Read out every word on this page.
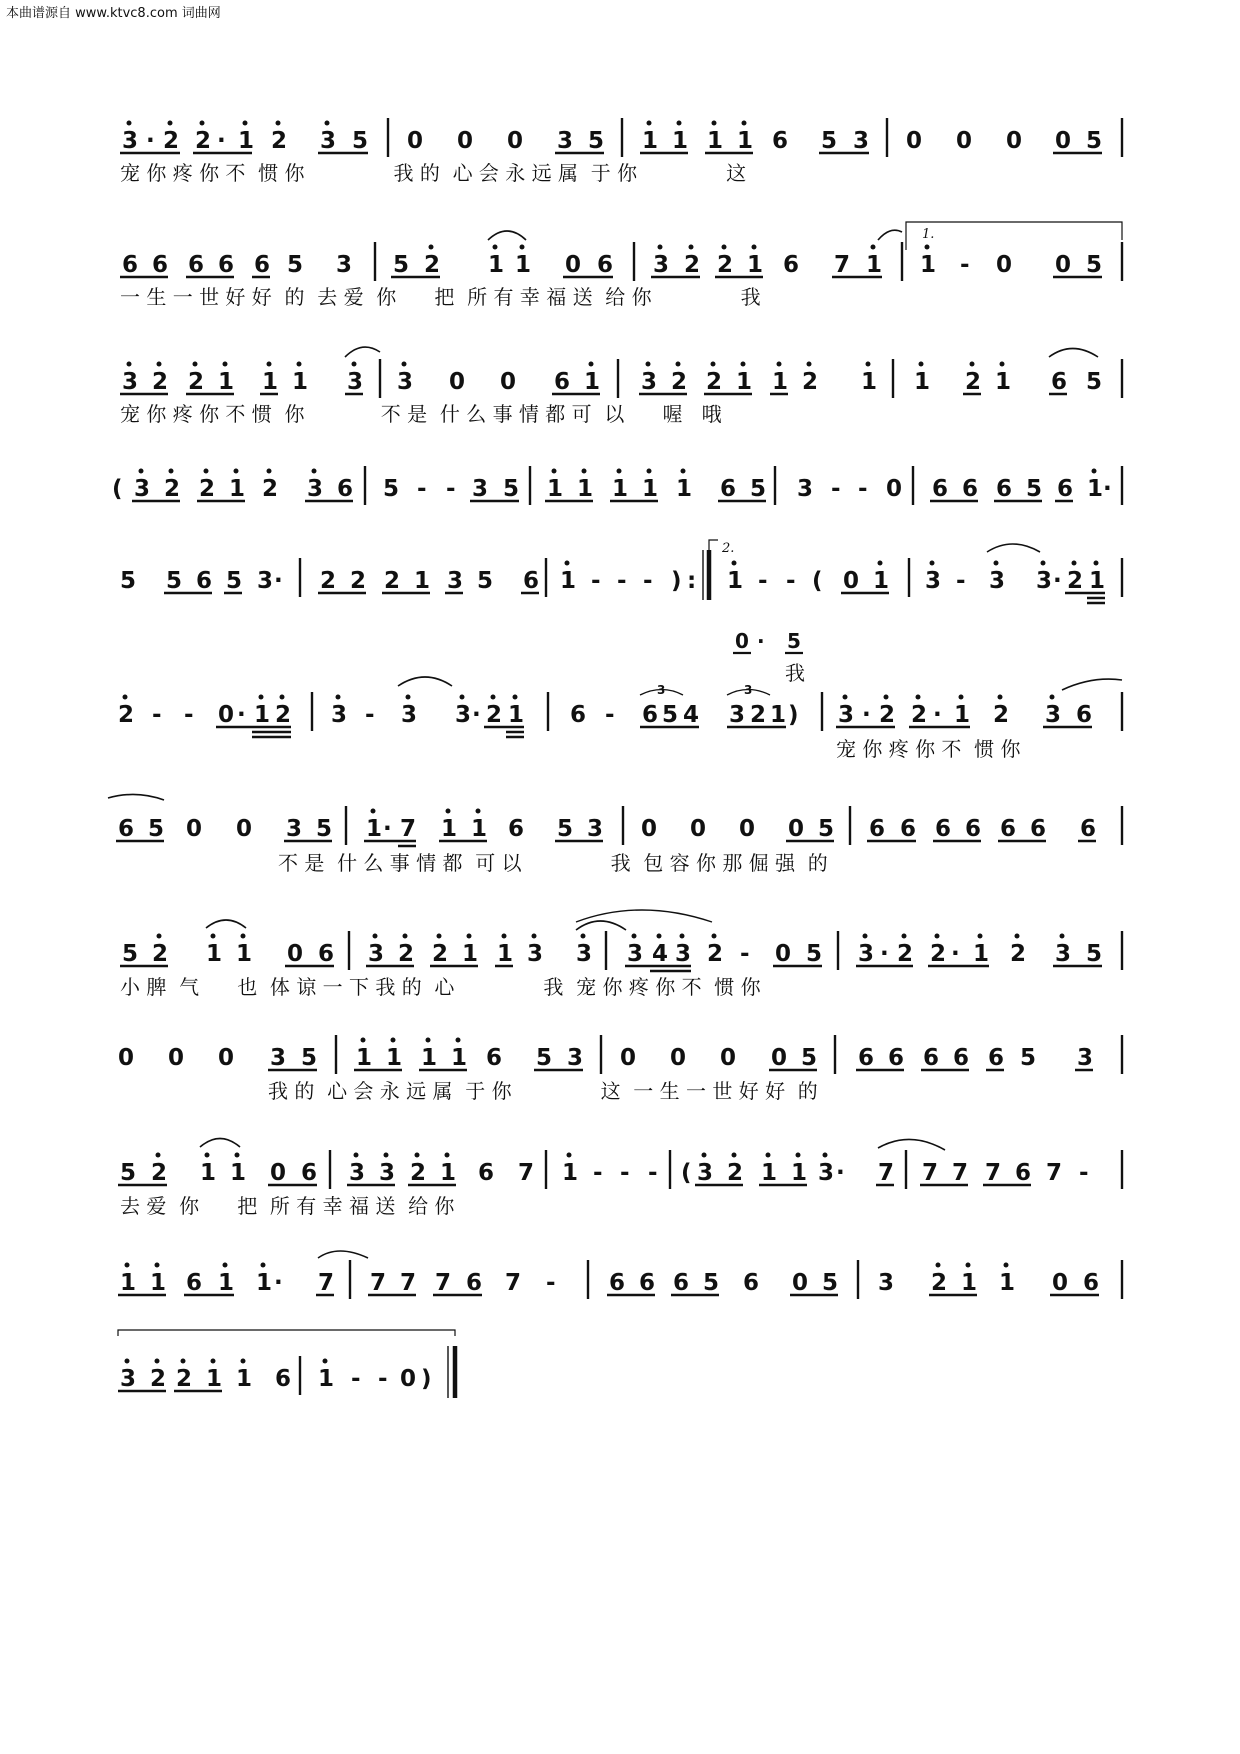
本曲谱源自 www.ktvc8.com 词曲网
3 · 2 2 · 1 2 3 5 0 0 0 3 5 1 1 1 1 6 5 3 0 0 0 0 5
宠 你 疼 你 不  惯 你              我 的  心 会 永 远 属  于 你              这
6 6 6 6 6 5 3 5 2 1 1 0 6 3 2 2 1 6 7 1 1 - 0 0 5
1.
一 生 一 世 好 好  的  去 爱  你      把  所 有 幸 福 送  给 你              我
3 2 2 1 1 1 3 3 0 0 6 1 3 2 2 1 1 2 1 1 2 1 6 5
宠 你 疼 你 不 惯  你            不 是  什 么 事 情 都 可  以      喔   哦
( 3 2 2 1 2 3 6 5 - - 3 5 1 1 1 1 1 6 5 3 - - 0 6 6 6 5 6 1 ·
5 5 6 5 3 · 2 2 2 1 3 5 6 1 - - - ) : 1 - - ( 0 1 3 - 3 3 · 2 1
2.
0 · 5
我
2 - - 0 · 1 2 3 - 3 3 · 2 1 6 - 6 5 4 3 2 1 ) 3 · 2 2 · 1 2 3 6
3	3
宠 你 疼 你 不  惯 你
6 5 0 0 3 5 1 · 7 1 1 6 5 3 0 0 0 0 5 6 6 6 6 6 6 6
不 是  什 么 事 情 都  可 以              我  包 容 你 那 倔 强  的
5 2 1 1 0 6 3 2 2 1 1 3 3 3 4 3 2 - 0 5 3 · 2 2 · 1 2 3 5
小 脾  气      也  体 谅 一 下 我 的  心              我  宠 你 疼 你 不  惯 你
0 0 0 3 5 1 1 1 1 6 5 3 0 0 0 0 5 6 6 6 6 6 5 3
我 的  心 会 永 远 属  于 你              这  一 生 一 世 好 好  的
5 2 1 1 0 6 3 3 2 1 6 7 1 - - - ( 3 2 1 1 3 · 7 7 7 7 6 7 -
去 爱  你      把  所 有 幸 福 送  给 你
1 1 6 1 1 · 7 7 7 7 6 7 - 6 6 6 5 6 0 5 3 2 1 1 0 6
3 2 2 1 1 6 1 - - 0 )
